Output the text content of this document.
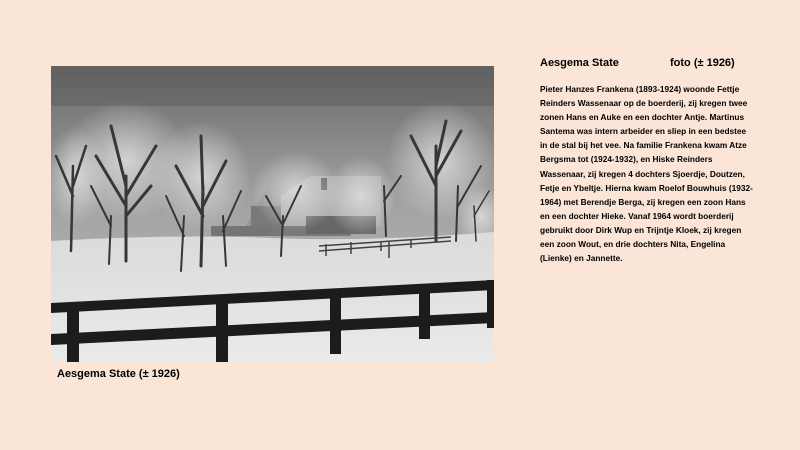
Aesgema State (± 1926)
Aesgema State	foto (± 1926)
Pieter Hanzes Frankena (1893-1924) woonde Fettje Reinders Wassenaar op de boerderij, zij kregen twee zonen Hans en Auke en een dochter Antje. Martinus Santema was intern arbeider en sliep in een bedstee in de stal bij het vee. Na familie Frankena kwam Atze Bergsma tot (1924-1932), en Hiske Reinders Wassenaar, zij kregen 4 dochters Sjoerdje, Doutzen, Fetje en Ybeltje. Hierna kwam Roelof Bouwhuis (1932-1964) met Berendje Berga, zij kregen een zoon Hans en een dochter Hieke. Vanaf 1964 wordt boerderij gebruikt door Dirk Wup en Trijntje Kloek, zij kregen een zoon Wout, en drie dochters Nita, Engelina (Lienke) en Jannette.
